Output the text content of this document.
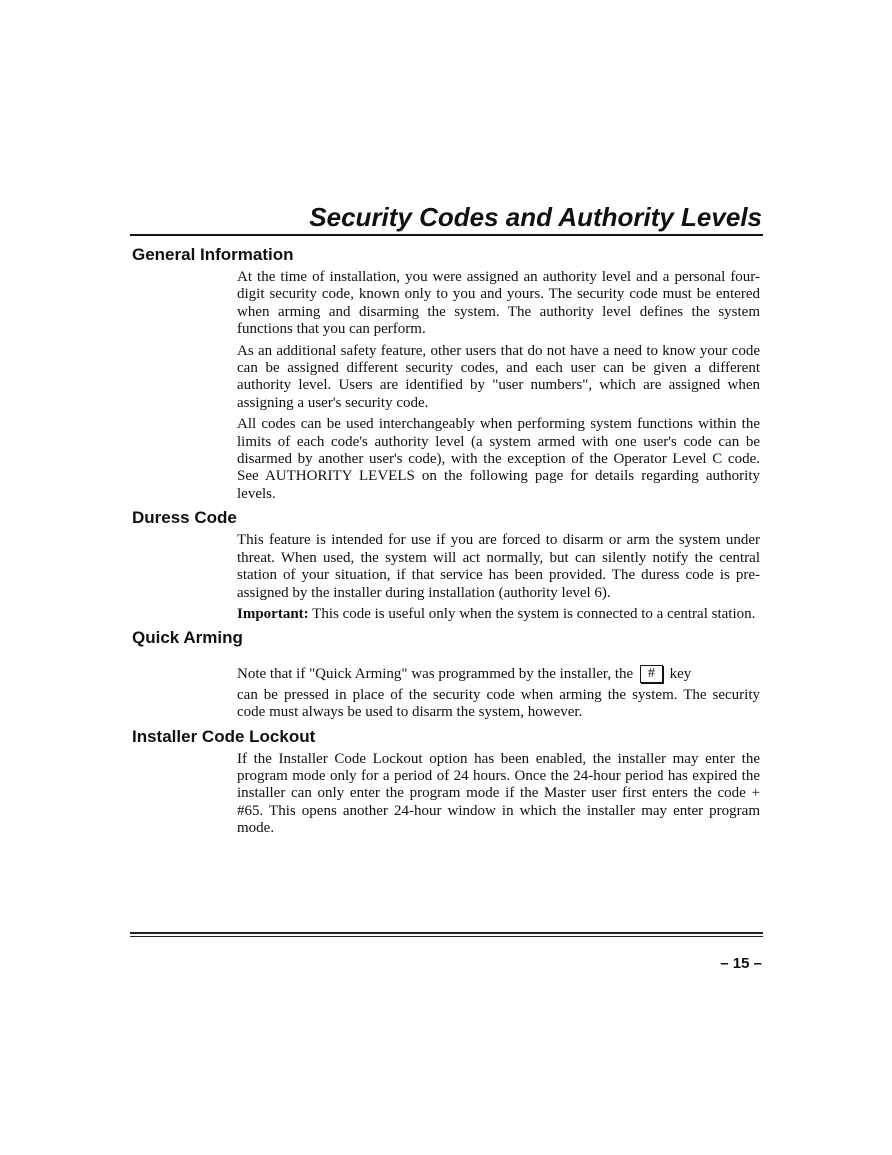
Security Codes and Authority Levels
General Information

At the time of installation, you were assigned an authority level and a personal four-digit security code, known only to you and yours. The security code must be entered when arming and disarming the system. The authority level defines the system functions that you can perform.

As an additional safety feature, other users that do not have a need to know your code can be assigned different security codes, and each user can be given a different authority level. Users are identified by "user numbers", which are assigned when assigning a user's security code.

All codes can be used interchangeably when performing system functions within the limits of each code's authority level (a system armed with one user's code can be disarmed by another user's code), with the exception of the Operator Level C code. See AUTHORITY LEVELS on the following page for details regarding authority levels.

Duress Code

This feature is intended for use if you are forced to disarm or arm the system under threat. When used, the system will act normally, but can silently notify the central station of your situation, if that service has been provided. The duress code is pre-assigned by the installer during installation (authority level 6).

Important: This code is useful only when the system is connected to a central station.

Quick Arming

Note that if "Quick Arming" was programmed by the installer, the # key

can be pressed in place of the security code when arming the system. The security code must always be used to disarm the system, however.

Installer Code Lockout

If the Installer Code Lockout option has been enabled, the installer may enter the program mode only for a period of 24 hours. Once the 24-hour period has expired the installer can only enter the program mode if the Master user first enters the code + #65. This opens another 24-hour window in which the installer may enter program mode.

– 15 –
